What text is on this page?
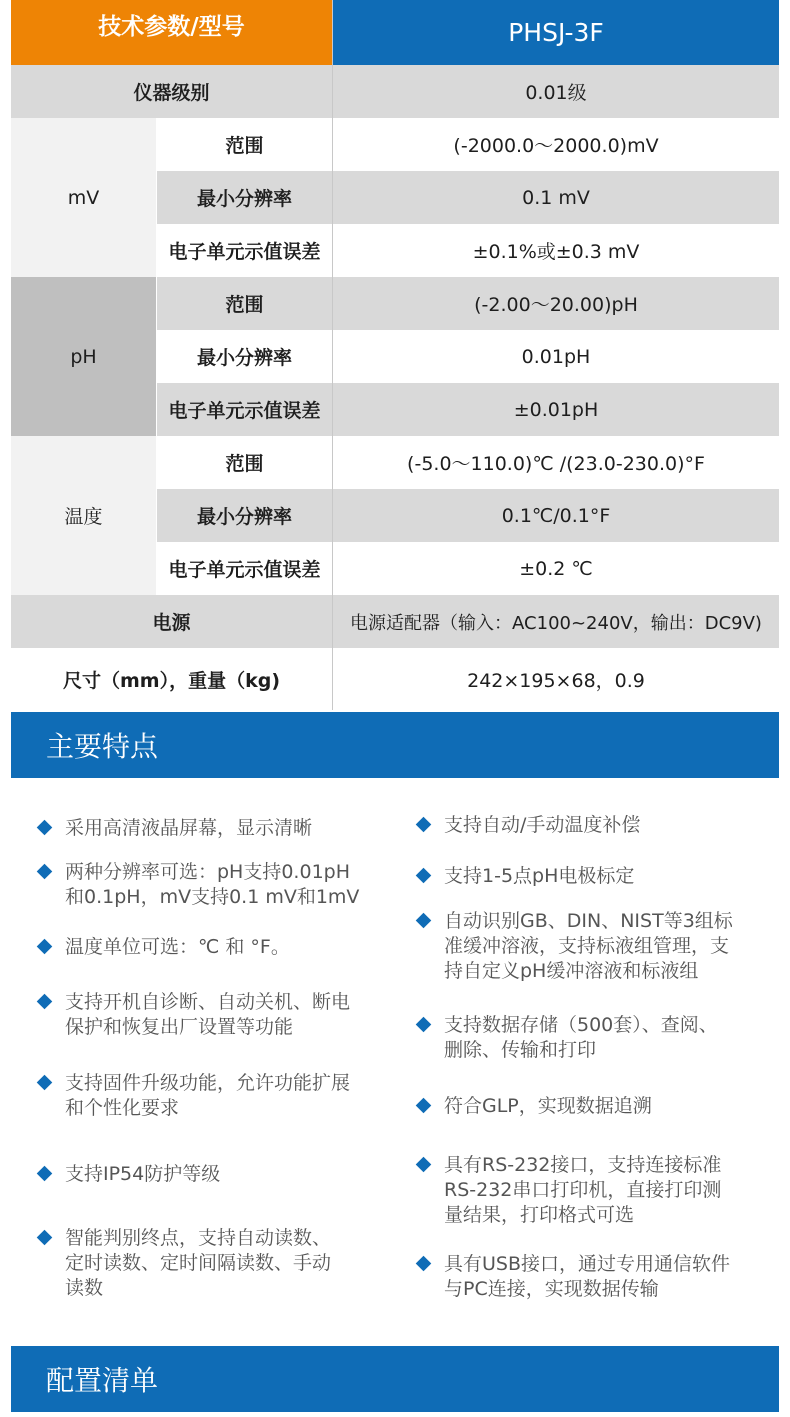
技术参数/型号	PHSJ-3F
仪器级别	0.01级
mV
范围	(-2000.0～2000.0)mV
最小分辨率	0.1 mV
电子单元示值误差	±0.1%或±0.3 mV
pH
范围	(-2.00～20.00)pH
最小分辨率	0.01pH
电子单元示值误差	±0.01pH
温度
范围	(-5.0～110.0)℃ /(23.0-230.0)°F
最小分辨率	0.1℃/0.1°F
电子单元示值误差	±0.2 ℃
电源	电源适配器（输入：AC100~240V，输出：DC9V)
尺寸（mm），重量（kg)	242×195×68，0.9
主要特点
采用高清液晶屏幕，显示清晰
两种分辨率可选：pH支持0.01pH
和0.1pH，mV支持0.1 mV和1mV
温度单位可选：℃ 和 °F。
支持开机自诊断、自动关机、断电
保护和恢复出厂设置等功能
支持固件升级功能，允许功能扩展
和个性化要求
支持IP54防护等级
智能判别终点，支持自动读数、
定时读数、定时间隔读数、手动
读数
支持自动/手动温度补偿
支持1-5点pH电极标定
自动识别GB、DIN、NIST等3组标
准缓冲溶液，支持标液组管理，支
持自定义pH缓冲溶液和标液组
支持数据存储（500套）、查阅、
删除、传输和打印
符合GLP，实现数据追溯
具有RS-232接口，支持连接标准
RS-232串口打印机，直接打印测
量结果，打印格式可选
具有USB接口，通过专用通信软件
与PC连接，实现数据传输
配置清单
